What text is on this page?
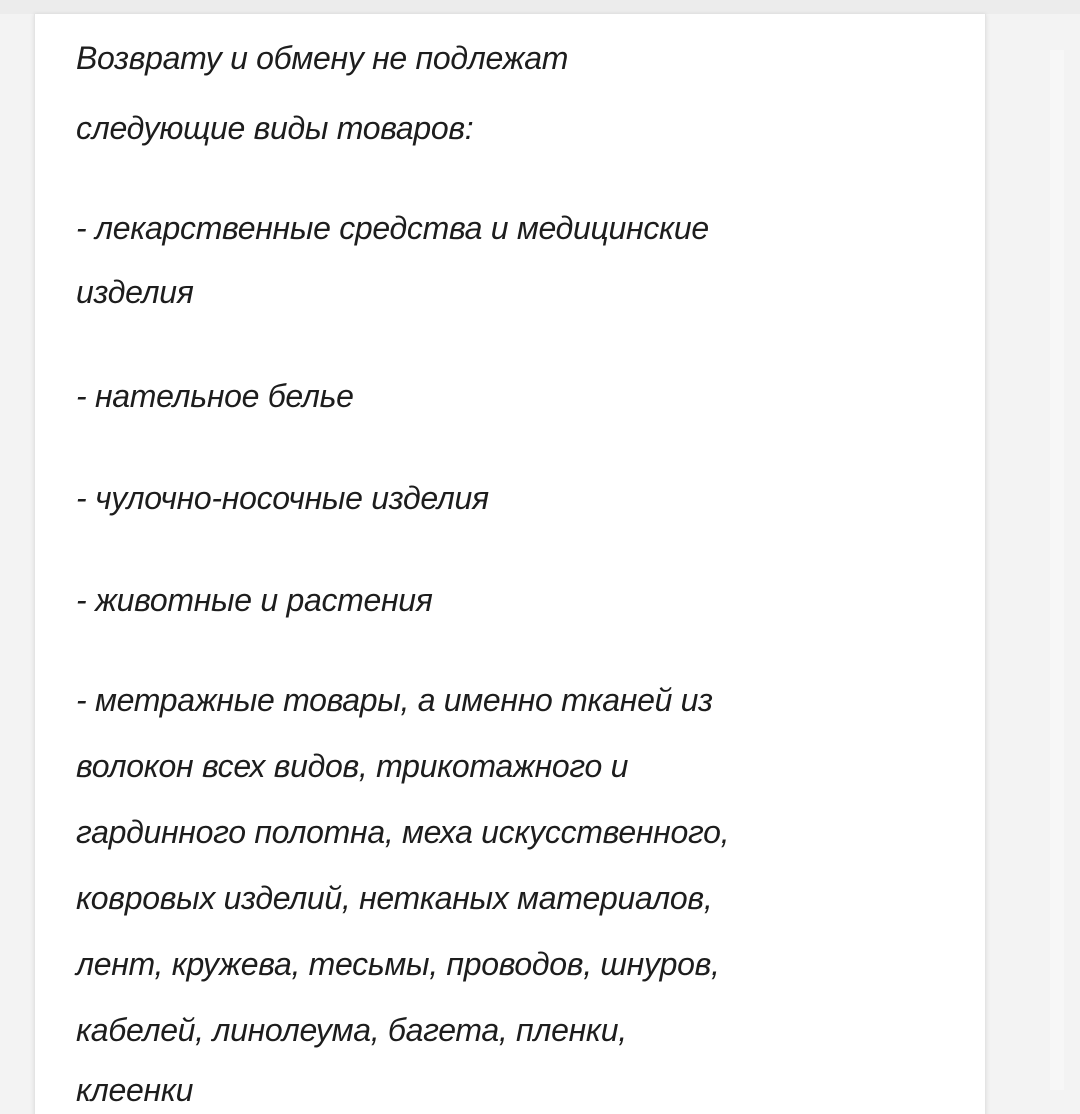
Возврату и обмену не подлежат
следующие виды товаров:
- лекарственные средства и медицинские
изделия
- нательное белье
- чулочно-носочные изделия
- животные и растения
- метражные товары, а именно тканей из
волокон всех видов, трикотажного и
гардинного полотна, меха искусственного,
ковровых изделий, нетканых материалов,
лент, кружева, тесьмы, проводов, шнуров,
кабелей, линолеума, багета, пленки,
клеенки
